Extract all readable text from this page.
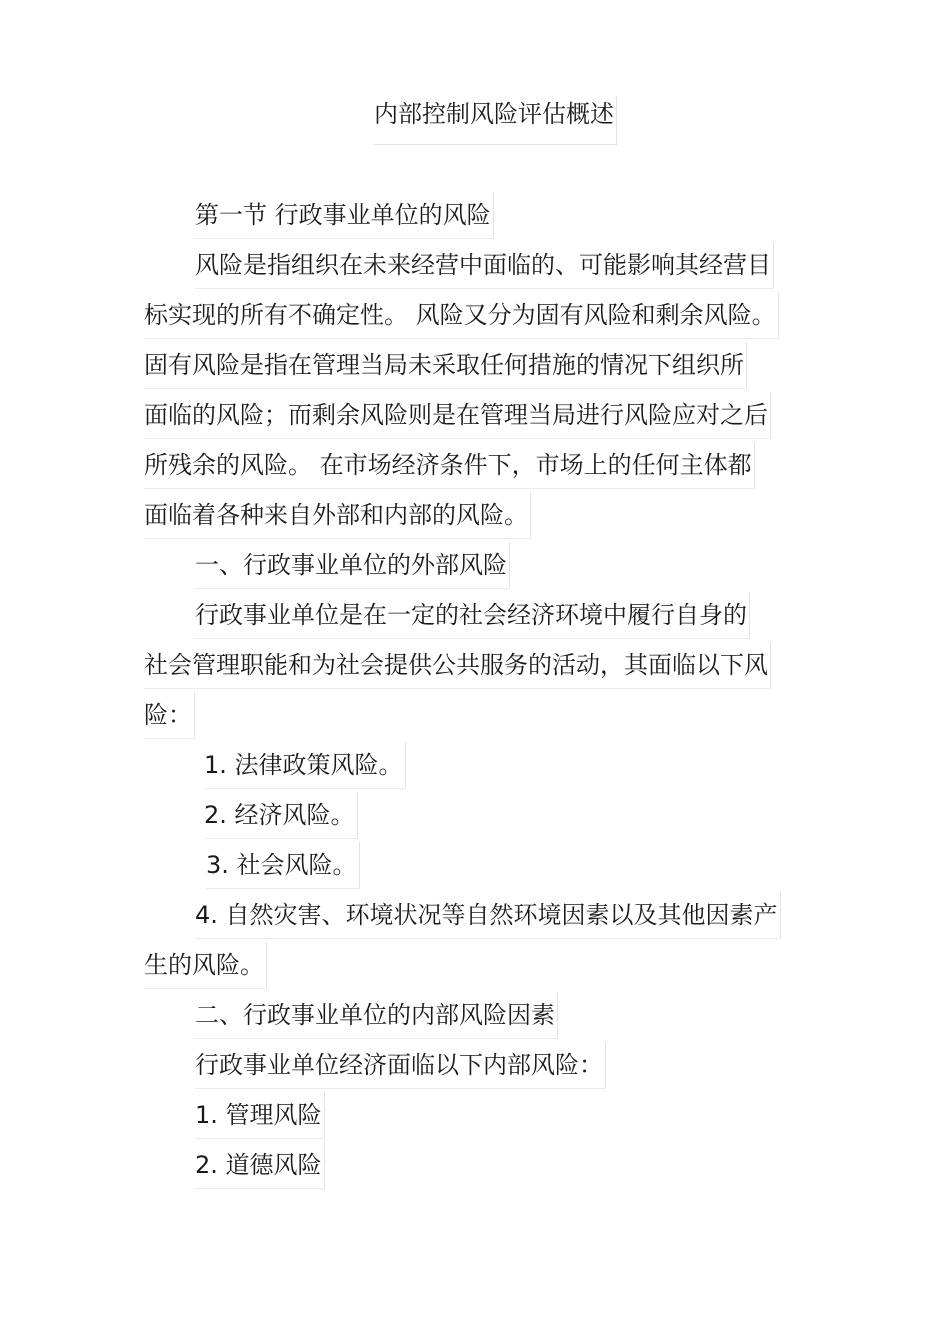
内部控制风险评估概述
第一节 行政事业单位的风险
风险是指组织在未来经营中面临的、可能影响其经营目
标实现的所有不确定性。 风险又分为固有风险和剩余风险。
固有风险是指在管理当局未采取任何措施的情况下组织所
面临的风险；而剩余风险则是在管理当局进行风险应对之后
所残余的风险。 在市场经济条件下，市场上的任何主体都
面临着各种来自外部和内部的风险。
一、行政事业单位的外部风险
行政事业单位是在一定的社会经济环境中履行自身的
社会管理职能和为社会提供公共服务的活动，其面临以下风
险：
1. 法律政策风险。
2. 经济风险。
3. 社会风险。
4. 自然灾害、环境状况等自然环境因素以及其他因素产
生的风险。
二、行政事业单位的内部风险因素
行政事业单位经济面临以下内部风险：
1. 管理风险
2. 道德风险
